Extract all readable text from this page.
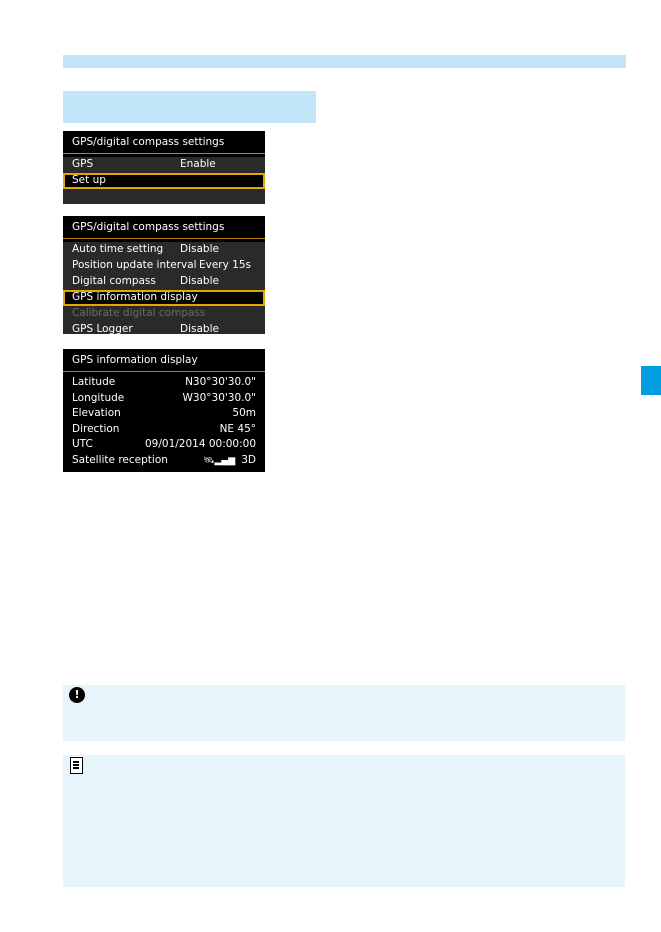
GPS/digital compass settings
GPS	Enable
Set up
GPS/digital compass settings
Auto time setting Disable
Position update interval Every 15s
Digital compass Disable
GPS information display
Calibrate digital compass
GPS Logger	Disable
GPS information display
Latitude	N30°30'30.0"
Longitude	W30°30'30.0"
Elevation	50m
Direction	NE 45°
UTC	09/01/2014 00:00:00
Satellite reception	🛰▂▄▆ 3D
!
